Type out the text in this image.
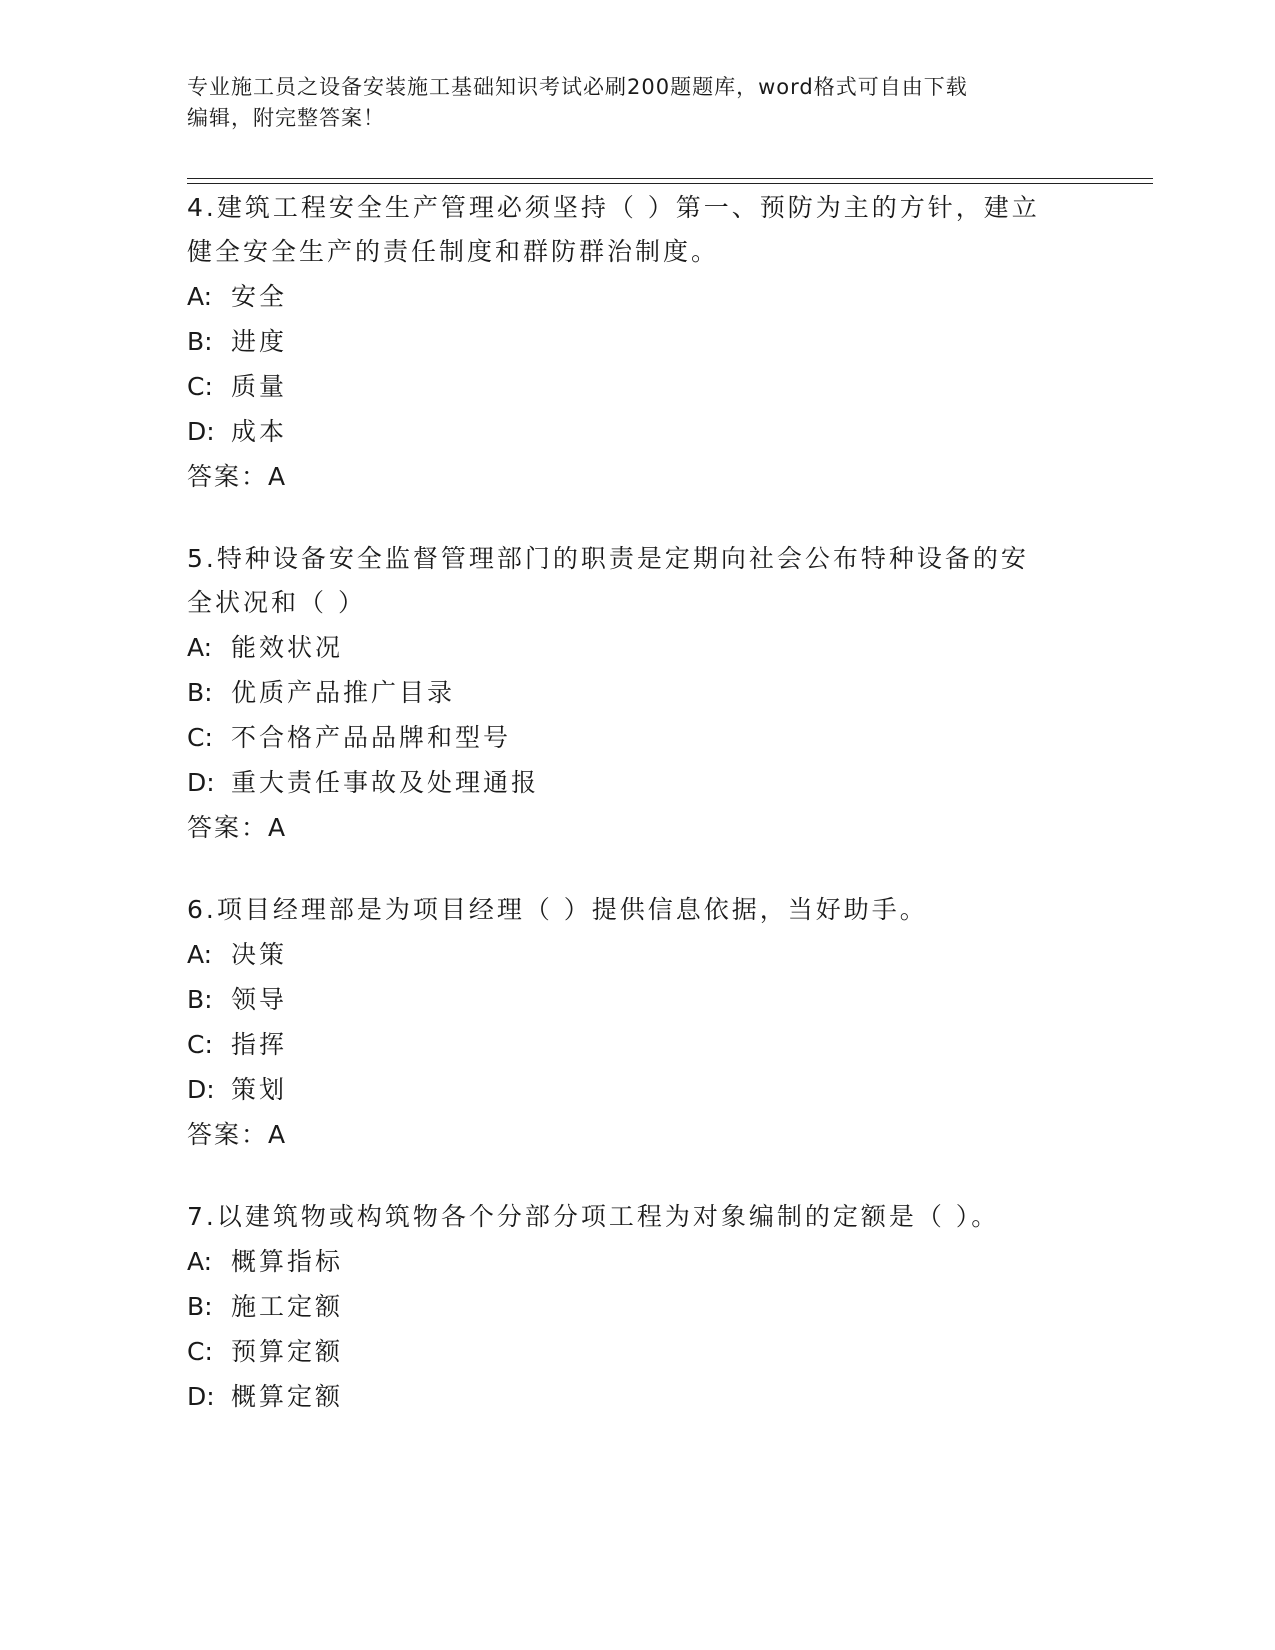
专业施工员之设备安装施工基础知识考试必刷200题题库，word格式可自由下载
编辑，附完整答案！

4.建筑工程安全生产管理必须坚持（ ）第一、预防为主的方针，建立

健全安全生产的责任制度和群防群治制度。

A: 安全
B: 进度
C: 质量
D: 成本
答案：A

5.特种设备安全监督管理部门的职责是定期向社会公布特种设备的安

全状况和（ ）

A: 能效状况
B: 优质产品推广目录
C: 不合格产品品牌和型号
D: 重大责任事故及处理通报
答案：A

6.项目经理部是为项目经理（ ）提供信息依据，当好助手。

A: 决策
B: 领导
C: 指挥
D: 策划
答案：A

7.以建筑物或构筑物各个分部分项工程为对象编制的定额是（ ）。

A: 概算指标
B: 施工定额
C: 预算定额
D: 概算定额
